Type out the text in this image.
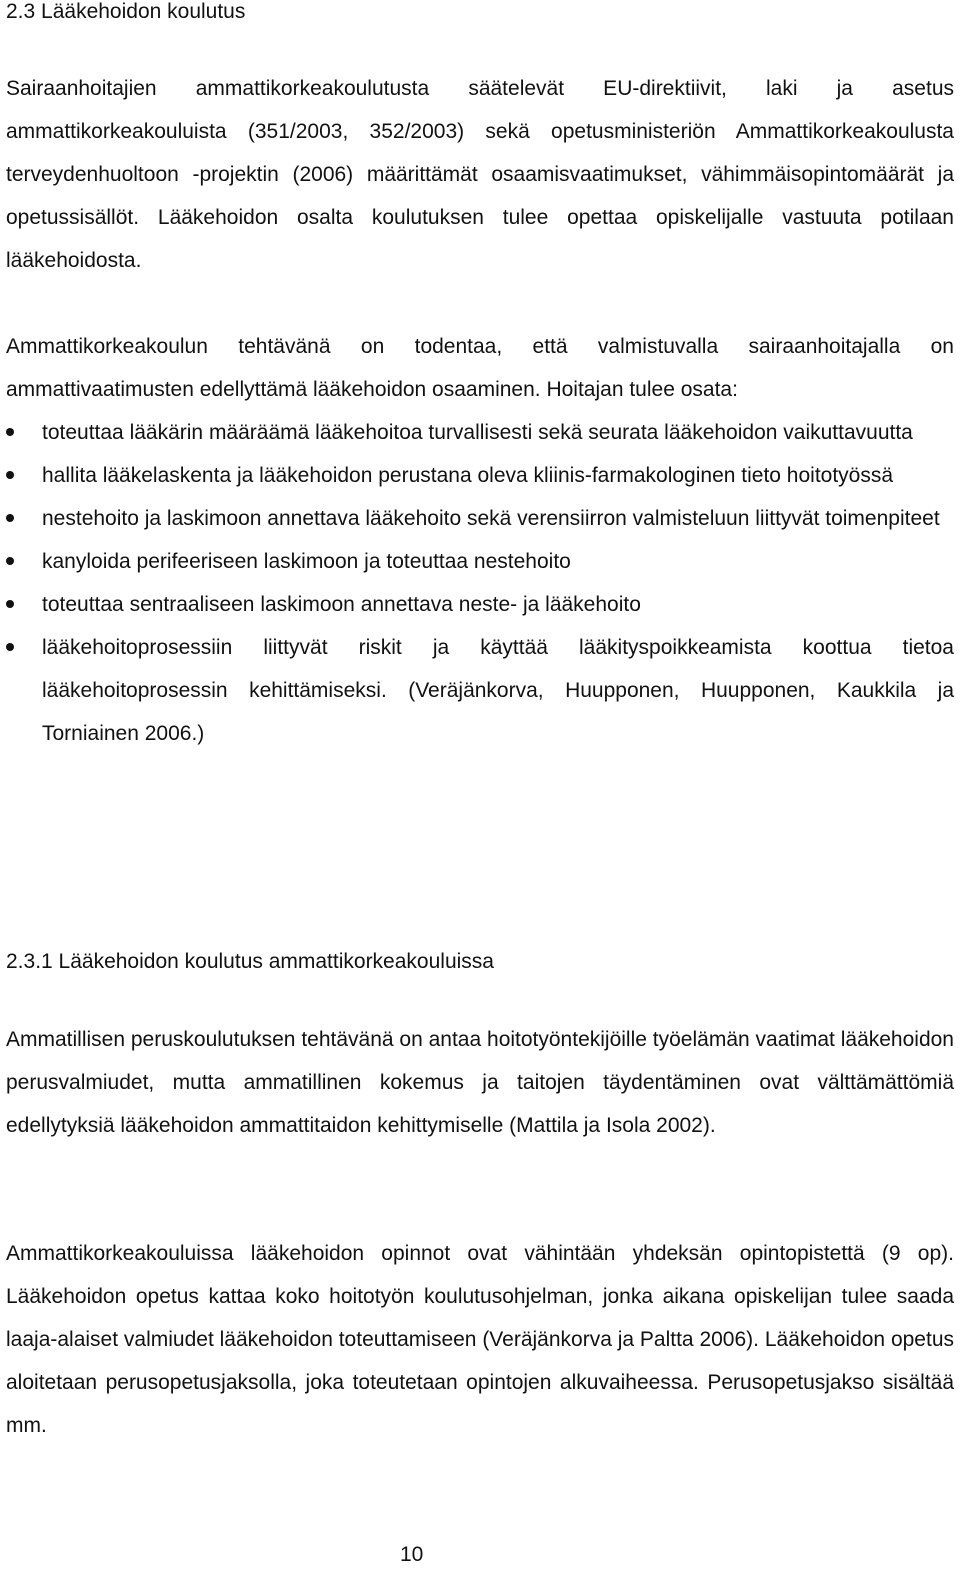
2.3 Lääkehoidon koulutus
Sairaanhoitajien ammattikorkeakoulutusta säätelevät EU-direktiivit, laki ja asetus ammattikorkeakouluista (351/2003, 352/2003) sekä opetusministeriön Ammattikorkeakoulusta terveydenhuoltoon -projektin (2006) määrittämät osaamisvaatimukset, vähimmäisopintomäärät ja opetussisällöt. Lääkehoidon osalta koulutuksen tulee opettaa opiskelijalle vastuuta potilaan lääkehoidosta.
Ammattikorkeakoulun tehtävänä on todentaa, että valmistuvalla sairaanhoitajalla on ammattivaatimusten edellyttämä lääkehoidon osaaminen. Hoitajan tulee osata:
toteuttaa lääkärin määräämä lääkehoitoa turvallisesti sekä seurata lääkehoidon vaikuttavuutta
hallita lääkelaskenta ja lääkehoidon perustana oleva kliinis-farmakologinen tieto hoitotyössä
nestehoito ja laskimoon annettava lääkehoito sekä verensiirron valmisteluun liittyvät toimenpiteet
kanyloida perifeeriseen laskimoon ja toteuttaa nestehoito
toteuttaa sentraaliseen laskimoon annettava neste- ja lääkehoito
lääkehoitoprosessiin liittyvät riskit ja käyttää lääkityspoikkeamista koottua tietoa lääkehoitoprosessin kehittämiseksi. (Veräjänkorva, Huupponen, Huupponen, Kaukkila ja Torniainen 2006.)
2.3.1 Lääkehoidon koulutus ammattikorkeakouluissa
Ammatillisen peruskoulutuksen tehtävänä on antaa hoitotyöntekijöille työelämän vaatimat lääkehoidon perusvalmiudet, mutta ammatillinen kokemus ja taitojen täydentäminen ovat välttämättömiä edellytyksiä lääkehoidon ammattitaidon kehittymiselle (Mattila ja Isola 2002).
Ammattikorkeakouluissa lääkehoidon opinnot ovat vähintään yhdeksän opintopistettä (9 op). Lääkehoidon opetus kattaa koko hoitotyön koulutusohjelman, jonka aikana opiskelijan tulee saada laaja-alaiset valmiudet lääkehoidon toteuttamiseen (Veräjänkorva ja Paltta 2006). Lääkehoidon opetus aloitetaan perusopetusjaksolla, joka toteutetaan opintojen alkuvaiheessa. Perusopetusjakso sisältää mm.
10
